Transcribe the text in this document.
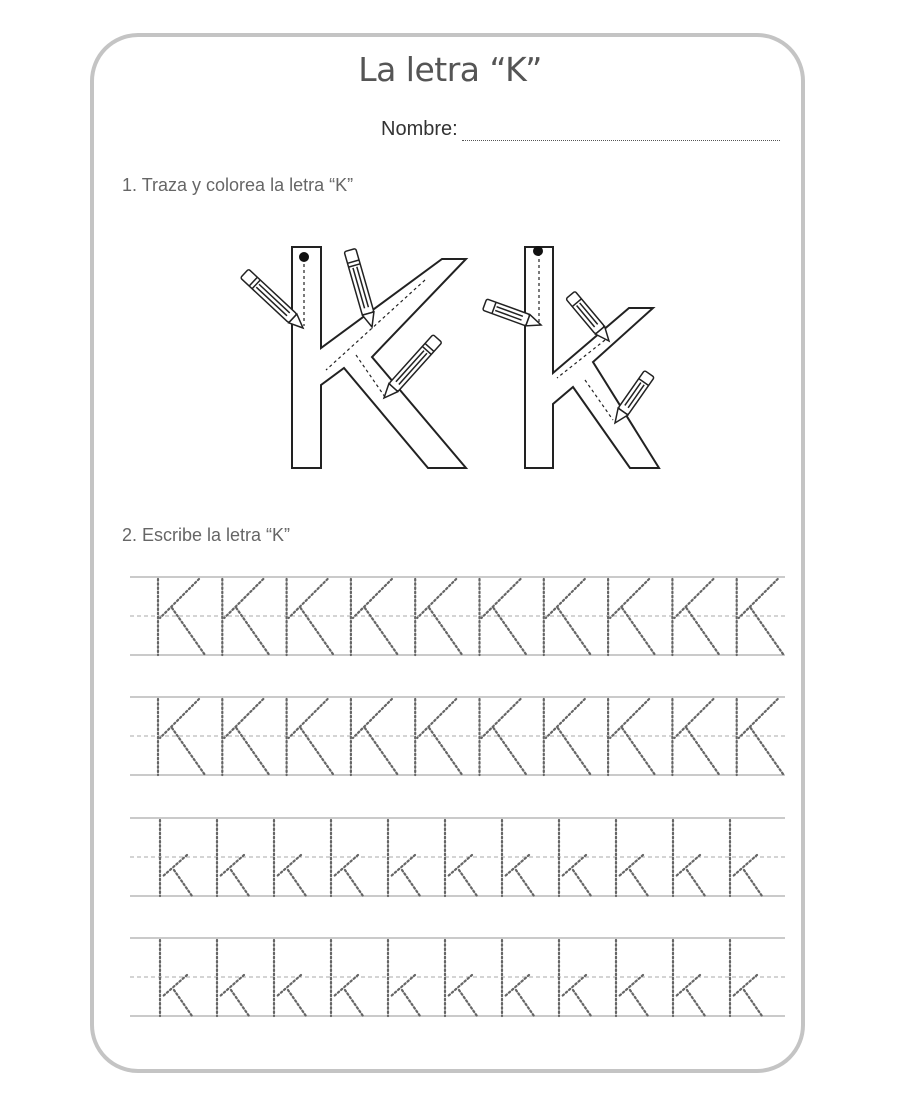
La letra “K”
Nombre:
1. Traza y colorea la letra “K”
2. Escribe la letra “K”
